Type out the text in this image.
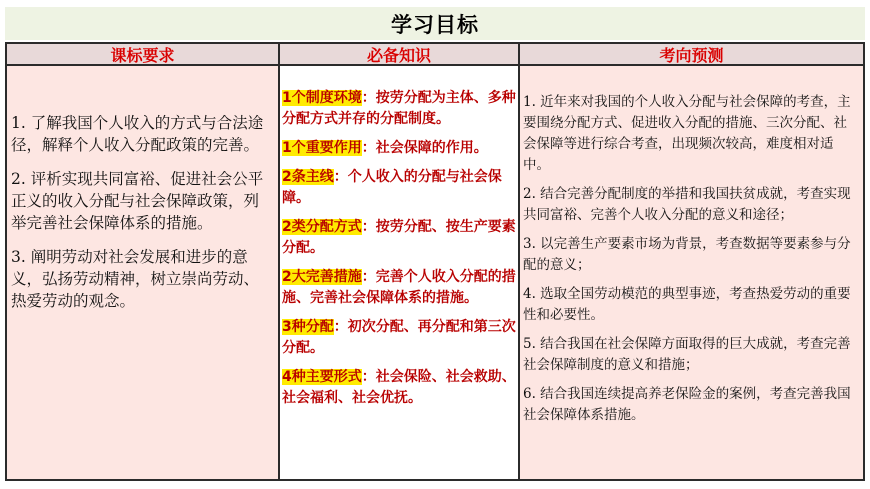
学习目标
课标要求	必备知识	考向预测
1. 了解我国个人收入的方式与合法途径，解释个人收入分配政策的完善。
2. 评析实现共同富裕、促进社会公平正义的收入分配与社会保障政策，列举完善社会保障体系的措施。
3. 阐明劳动对社会发展和进步的意义，弘扬劳动精神，树立崇尚劳动、热爱劳动的观念。
1个制度环境：按劳分配为主体、多种分配方式并存的分配制度。
1个重要作用：社会保障的作用。
2条主线：个人收入的分配与社会保障。
2类分配方式：按劳分配、按生产要素分配。
2大完善措施：完善个人收入分配的措施、完善社会保障体系的措施。
3种分配：初次分配、再分配和第三次分配。
4种主要形式：社会保险、社会救助、社会福利、社会优抚。
1. 近年来对我国的个人收入分配与社会保障的考查，主要围绕分配方式、促进收入分配的措施、三次分配、社会保障等进行综合考查，出现频次较高，难度相对适中。
2. 结合完善分配制度的举措和我国扶贫成就，考查实现共同富裕、完善个人收入分配的意义和途径；
3. 以完善生产要素市场为背景，考查数据等要素参与分配的意义；
4. 选取全国劳动模范的典型事迹，考查热爱劳动的重要性和必要性。
5. 结合我国在社会保障方面取得的巨大成就，考查完善社会保障制度的意义和措施；
6. 结合我国连续提高养老保险金的案例，考查完善我国社会保障体系措施。
